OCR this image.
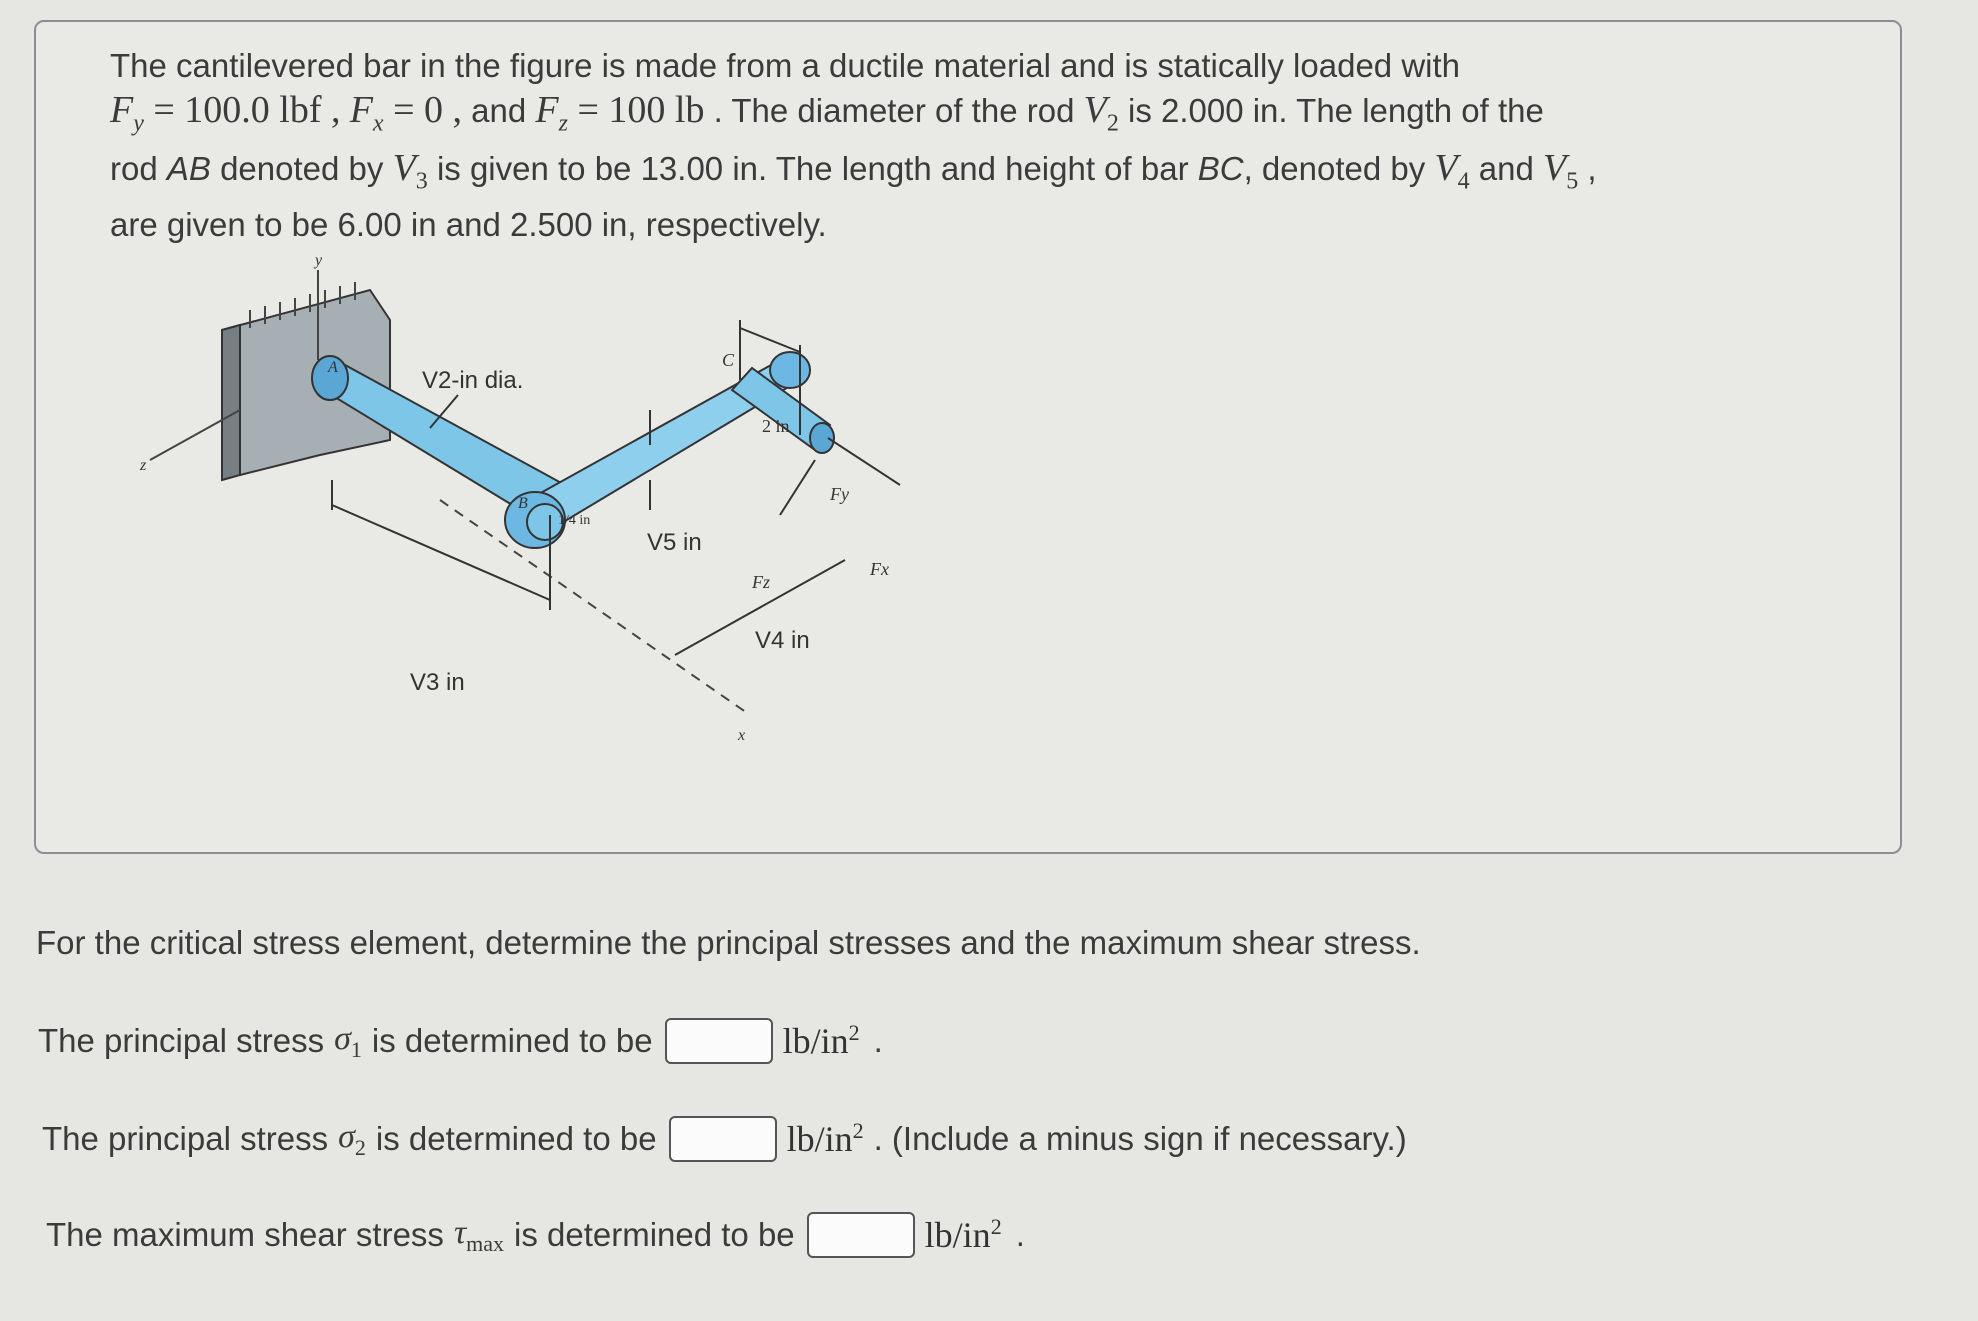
The cantilevered bar in the figure is made from a ductile material and is statically loaded with
$F_y = 100.0$ lbf , $F_x = 0$ , and $F_z = 100$ lb . The diameter of the rod $V_2$ is 2.000 in. The length of the
rod AB denoted by $V_3$ is given to be 13.00 in. The length and height of bar BC, denoted by $V_4$ and $V_5$ ,
are given to be 6.00 in and 2.500 in, respectively.
y
z
x
A
B
C
V2-in dia.
V3 in
V4 in
V5 in
2 in
1/4 in
Fy
Fz
Fx
For the critical stress element, determine the principal stresses and the maximum shear stress.
The principal stress $\sigma_1$ is determined to be	$lb/in^2$ .
The principal stress $\sigma_2$ is determined to be	$lb/in^2$ . (Include a minus sign if necessary.)
The maximum shear stress $\tau_{max}$ is determined to be	$lb/in^2$ .
